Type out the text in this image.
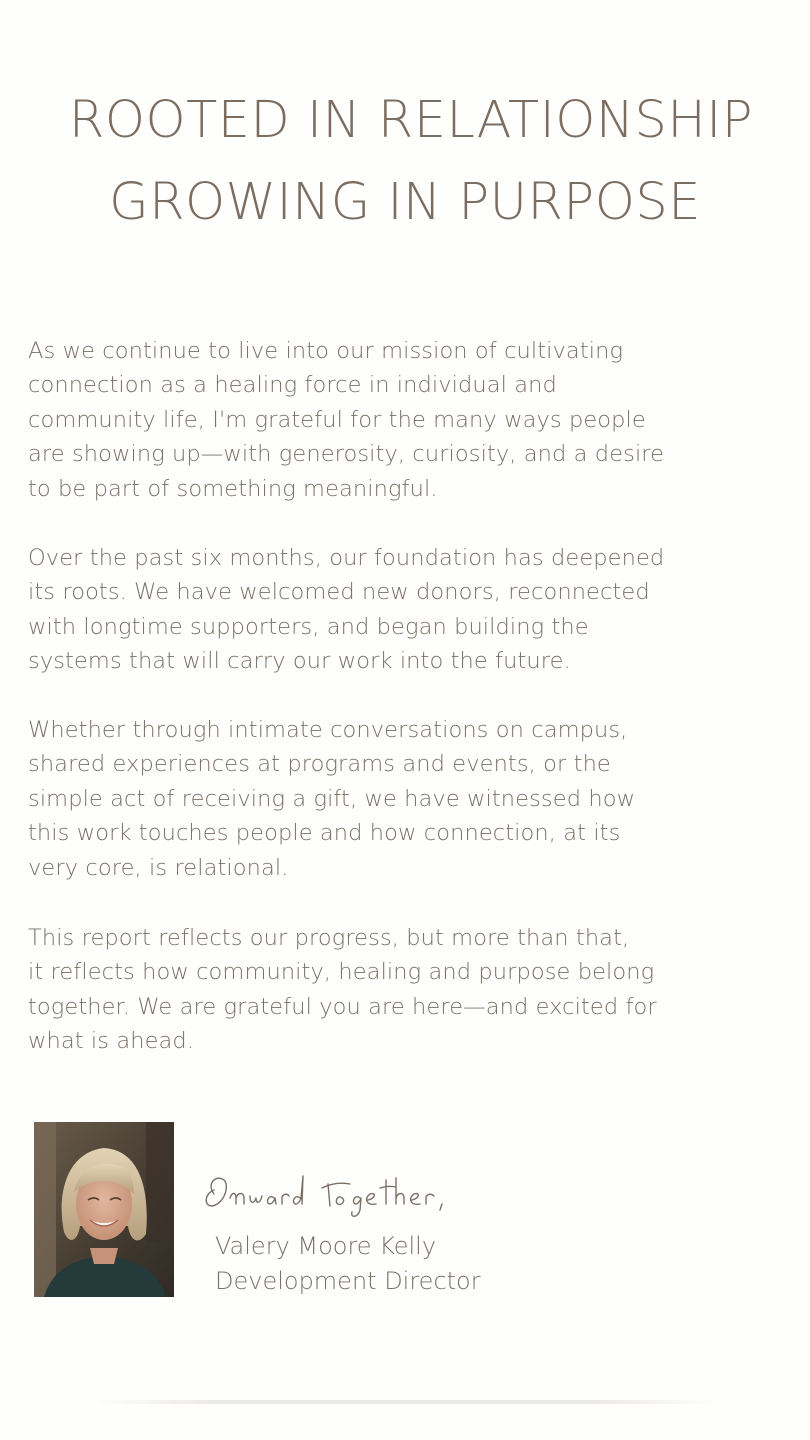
ROOTED IN RELATIONSHIP
GROWING IN PURPOSE

As we continue to live into our mission of cultivating
connection as a healing force in individual and
community life, I'm grateful for the many ways people
are showing up—with generosity, curiosity, and a desire
to be part of something meaningful.

Over the past six months, our foundation has deepened
its roots. We have welcomed new donors, reconnected
with longtime supporters, and began building the
systems that will carry our work into the future.

Whether through intimate conversations on campus,
shared experiences at programs and events, or the
simple act of receiving a gift, we have witnessed how
this work touches people and how connection, at its
very core, is relational.

This report reflects our progress, but more than that,
it reflects how community, healing and purpose belong
together. We are grateful you are here—and excited for
what is ahead.

Valery Moore Kelly
Development Director
